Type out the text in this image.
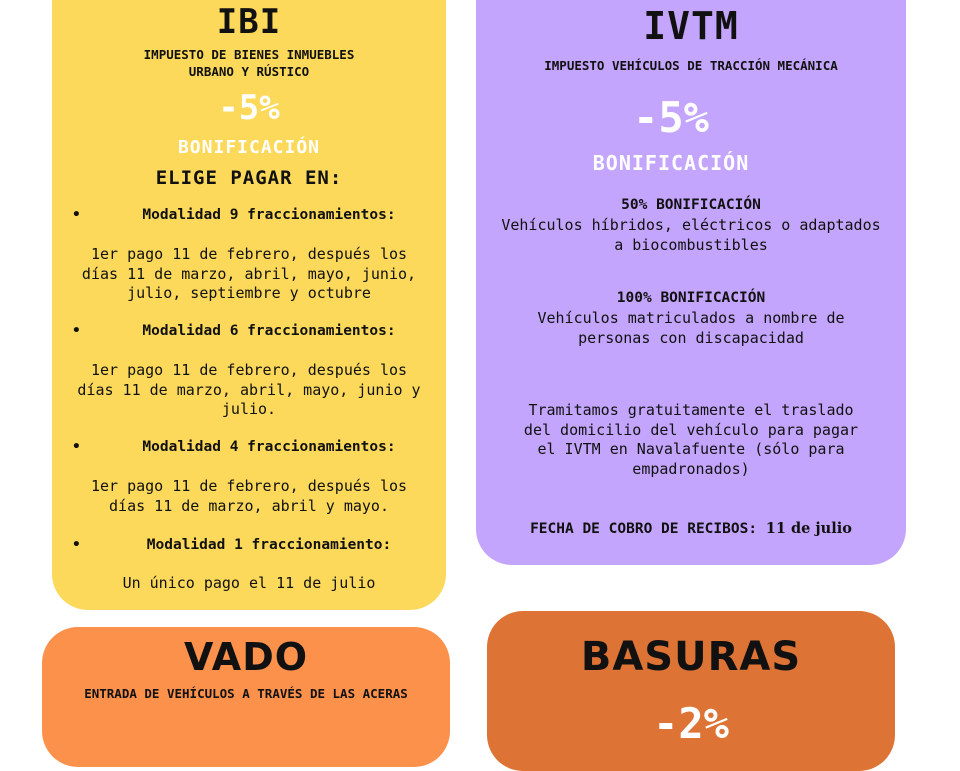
IBI
IMPUESTO DE BIENES INMUEBLES
URBANO Y RÚSTICO
-5%
BONIFICACIÓN
ELIGE PAGAR EN:
•	Modalidad 9 fraccionamientos:
1er pago 11 de febrero, después los
días 11 de marzo, abril, mayo, junio,
julio, septiembre y octubre
•	Modalidad 6 fraccionamientos:
1er pago 11 de febrero, después los
días 11 de marzo, abril, mayo, junio y
julio.
•	Modalidad 4 fraccionamientos:
1er pago 11 de febrero, después los
días 11 de marzo, abril y mayo.
•	Modalidad 1 fraccionamiento:
Un único pago el 11 de julio
IVTM
IMPUESTO VEHÍCULOS DE TRACCIÓN MECÁNICA
-5%
BONIFICACIÓN
50% BONIFICACIÓN
Vehículos híbridos, eléctricos o adaptados
a biocombustibles
100% BONIFICACIÓN
Vehículos matriculados a nombre de
personas con discapacidad
Tramitamos gratuitamente el traslado
del domicilio del vehículo para pagar
el IVTM en Navalafuente (sólo para
empadronados)
FECHA DE COBRO DE RECIBOS: 11 de julio
VADO
ENTRADA DE VEHÍCULOS A TRAVÉS DE LAS ACERAS
BASURAS
-2%
